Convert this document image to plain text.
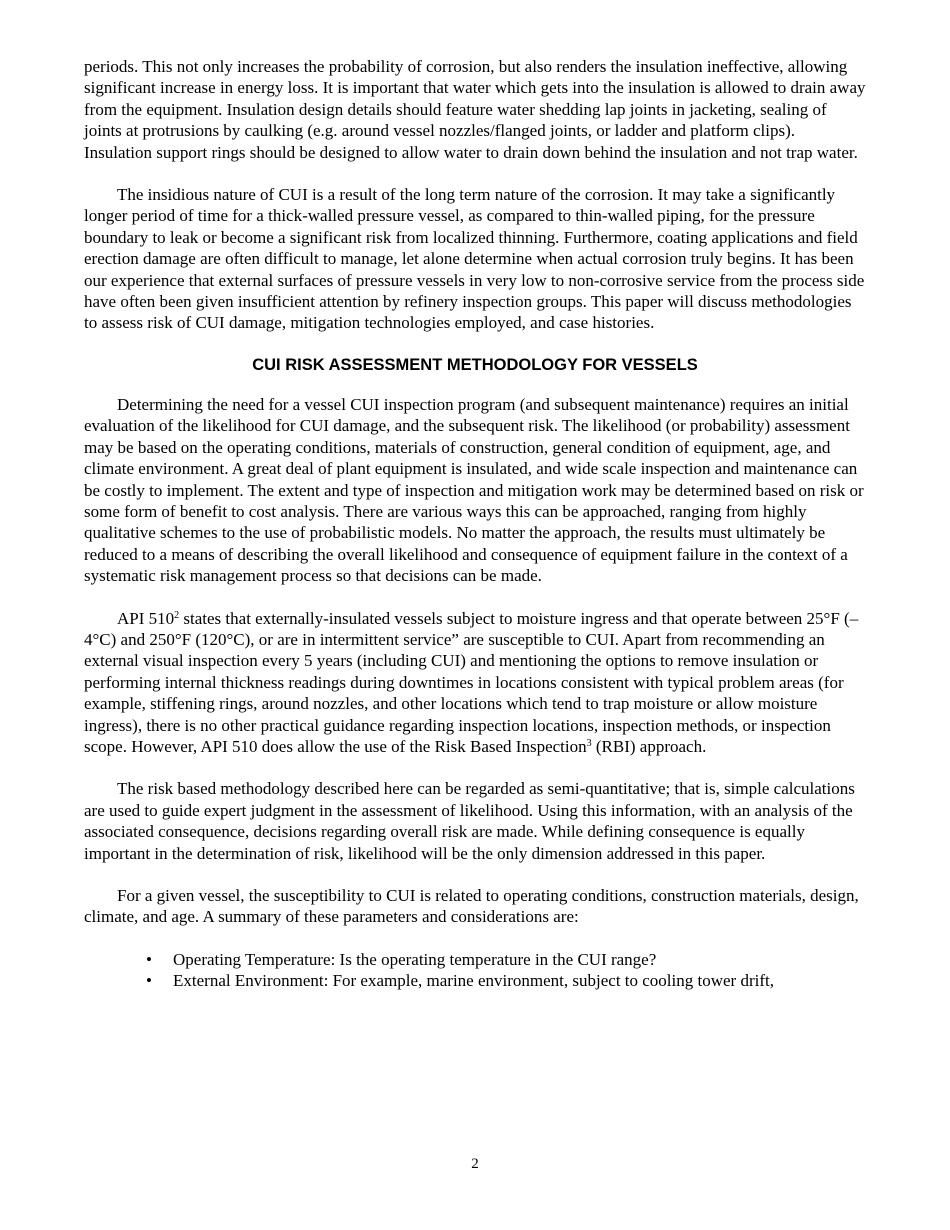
periods. This not only increases the probability of corrosion, but also renders the insulation ineffective, allowing significant increase in energy loss. It is important that water which gets into the insulation is allowed to drain away from the equipment. Insulation design details should feature water shedding lap joints in jacketing, sealing of joints at protrusions by caulking (e.g. around vessel nozzles/flanged joints, or ladder and platform clips). Insulation support rings should be designed to allow water to drain down behind the insulation and not trap water.

The insidious nature of CUI is a result of the long term nature of the corrosion. It may take a significantly longer period of time for a thick-walled pressure vessel, as compared to thin-walled piping, for the pressure boundary to leak or become a significant risk from localized thinning. Furthermore, coating applications and field erection damage are often difficult to manage, let alone determine when actual corrosion truly begins. It has been our experience that external surfaces of pressure vessels in very low to non-corrosive service from the process side have often been given insufficient attention by refinery inspection groups. This paper will discuss methodologies to assess risk of CUI damage, mitigation technologies employed, and case histories.

CUI RISK ASSESSMENT METHODOLOGY FOR VESSELS

Determining the need for a vessel CUI inspection program (and subsequent maintenance) requires an initial evaluation of the likelihood for CUI damage, and the subsequent risk. The likelihood (or probability) assessment may be based on the operating conditions, materials of construction, general condition of equipment, age, and climate environment. A great deal of plant equipment is insulated, and wide scale inspection and maintenance can be costly to implement. The extent and type of inspection and mitigation work may be determined based on risk or some form of benefit to cost analysis. There are various ways this can be approached, ranging from highly qualitative schemes to the use of probabilistic models. No matter the approach, the results must ultimately be reduced to a means of describing the overall likelihood and consequence of equipment failure in the context of a systematic risk management process so that decisions can be made.

API $510^2$ states that externally-insulated vessels subject to moisture ingress and that operate between 25°F (–4°C) and 250°F (120°C), or are in intermittent service” are susceptible to CUI. Apart from recommending an external visual inspection every 5 years (including CUI) and mentioning the options to remove insulation or performing internal thickness readings during downtimes in locations consistent with typical problem areas (for example, stiffening rings, around nozzles, and other locations which tend to trap moisture or allow moisture ingress), there is no other practical guidance regarding inspection locations, inspection methods, or inspection scope. However, API 510 does allow the use of the Risk Based Inspection$^3$ (RBI) approach.

The risk based methodology described here can be regarded as semi-quantitative; that is, simple calculations are used to guide expert judgment in the assessment of likelihood. Using this information, with an analysis of the associated consequence, decisions regarding overall risk are made. While defining consequence is equally important in the determination of risk, likelihood will be the only dimension addressed in this paper.

For a given vessel, the susceptibility to CUI is related to operating conditions, construction materials, design, climate, and age. A summary of these parameters and considerations are:

• Operating Temperature: Is the operating temperature in the CUI range?
• External Environment: For example, marine environment, subject to cooling tower drift,
2
